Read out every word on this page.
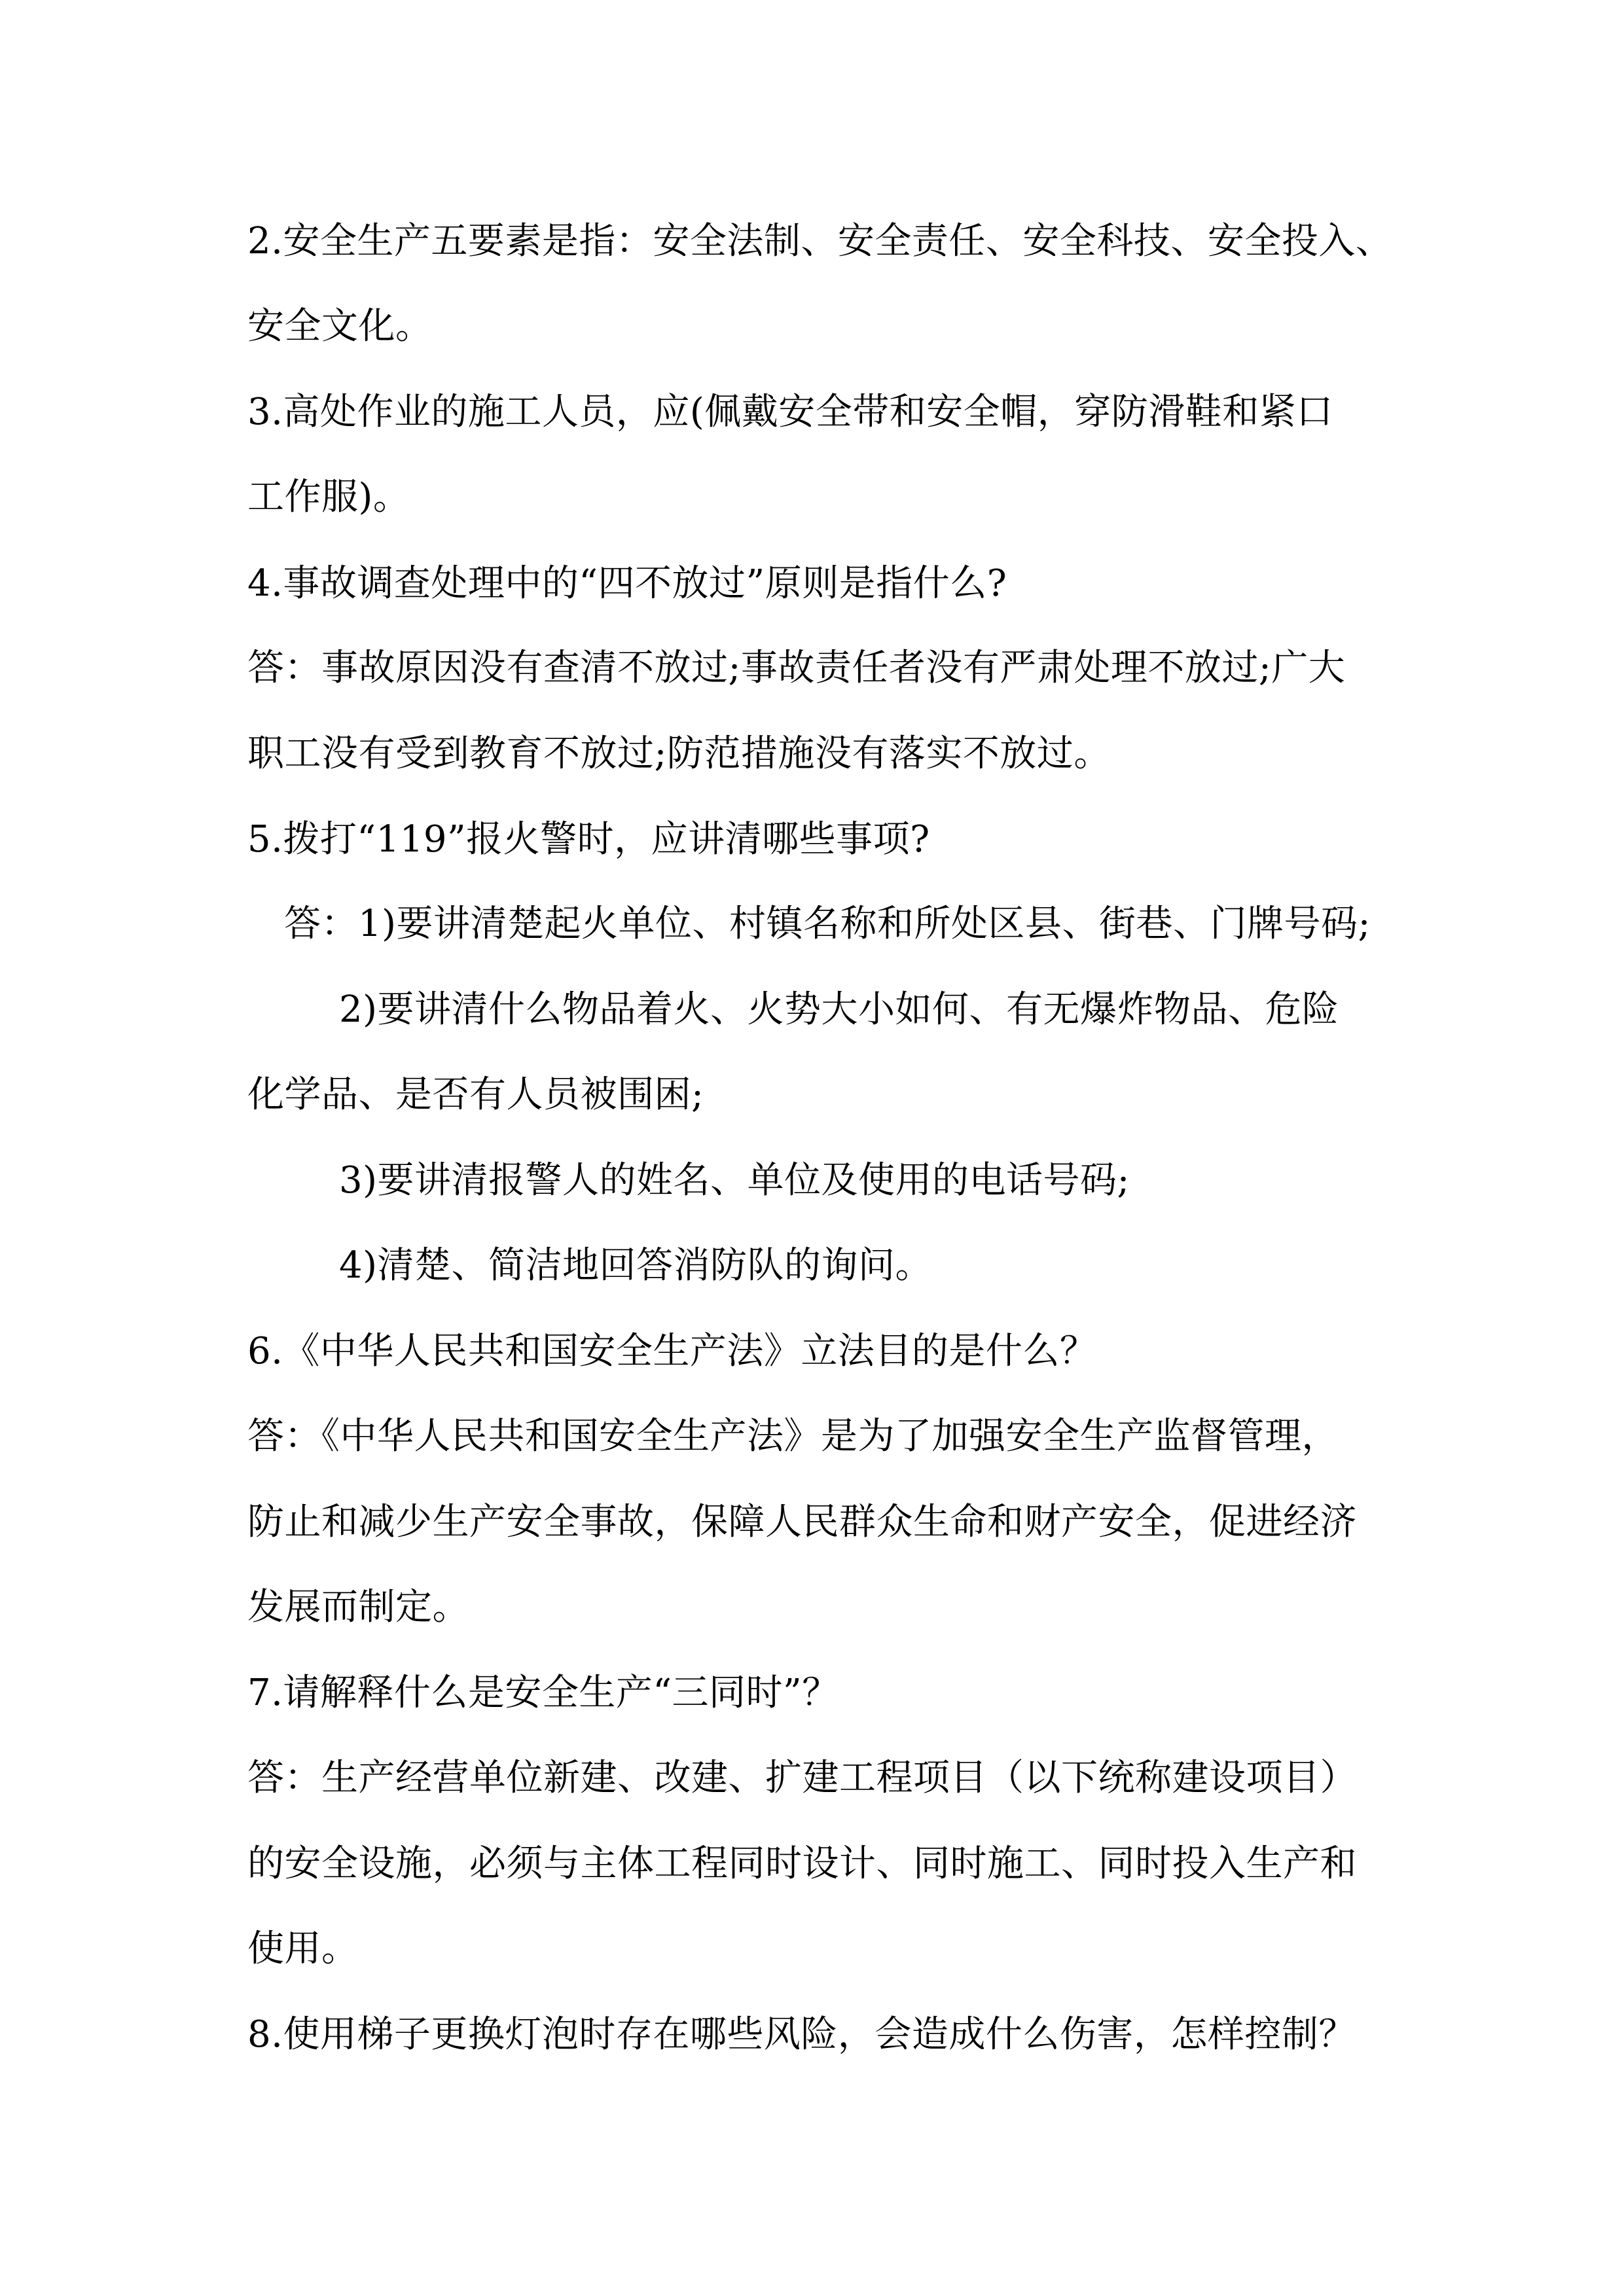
2.安全生产五要素是指：安全法制、安全责任、安全科技、安全投入、
安全文化。
3.高处作业的施工人员，应(佩戴安全带和安全帽，穿防滑鞋和紧口
工作服)。
4.事故调查处理中的“四不放过”原则是指什么?
答：事故原因没有查清不放过;事故责任者没有严肃处理不放过;广大
职工没有受到教育不放过;防范措施没有落实不放过。
5.拨打“119”报火警时，应讲清哪些事项?
答：1)要讲清楚起火单位、村镇名称和所处区县、街巷、门牌号码;
2)要讲清什么物品着火、火势大小如何、有无爆炸物品、危险
化学品、是否有人员被围困;
3)要讲清报警人的姓名、单位及使用的电话号码;
4)清楚、简洁地回答消防队的询问。
6.《中华人民共和国安全生产法》立法目的是什么？
答：《中华人民共和国安全生产法》是为了加强安全生产监督管理，
防止和减少生产安全事故，保障人民群众生命和财产安全，促进经济
发展而制定。
7.请解释什么是安全生产“三同时”？
答：生产经营单位新建、改建、扩建工程项目（以下统称建设项目）
的安全设施，必须与主体工程同时设计、同时施工、同时投入生产和
使用。
8.使用梯子更换灯泡时存在哪些风险，会造成什么伤害，怎样控制？
